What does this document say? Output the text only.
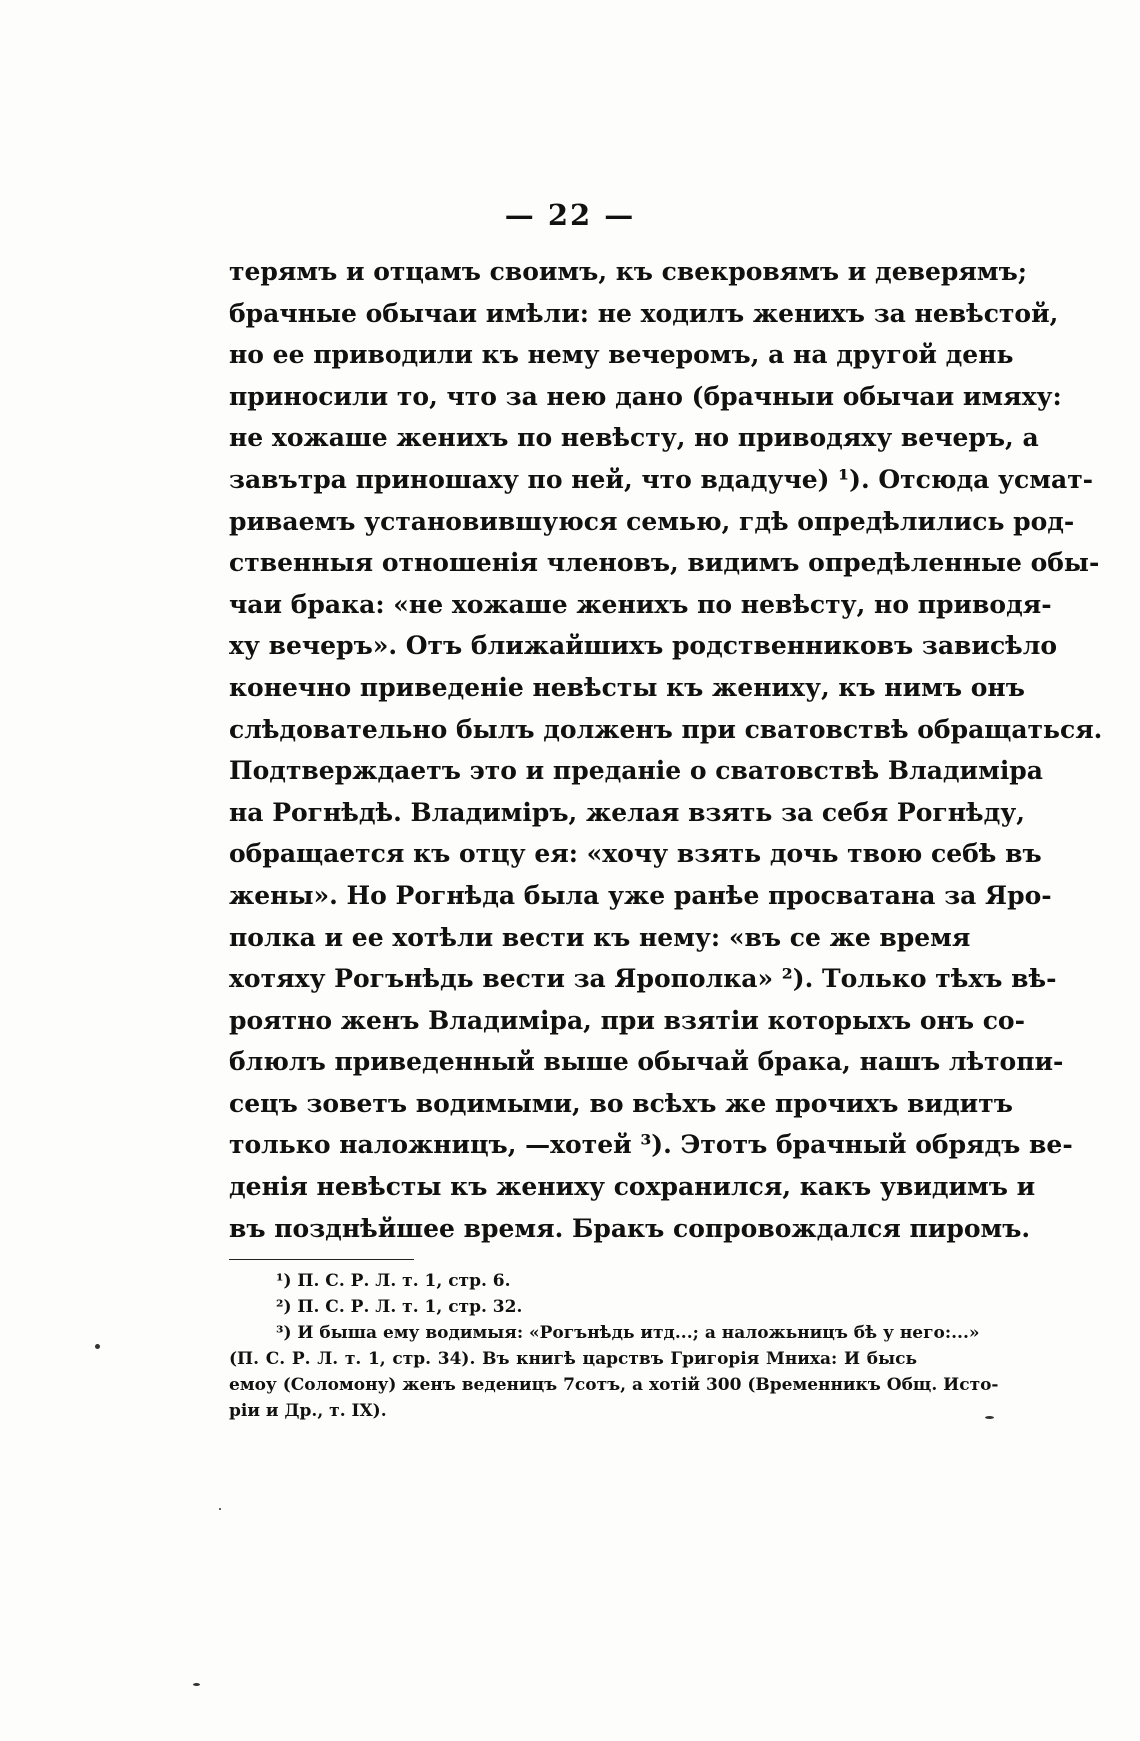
— 22 —
терямъ и отцамъ своимъ, къ свекровямъ и деверямъ;
брачные обычаи имѣли: не ходилъ женихъ за невѣстой,
но ее приводили къ нему вечеромъ, а на другой день
приносили то, что за нею дано (брачныи обычаи имяху:
не хожаше женихъ по невѣсту, но приводяху вечеръ, а
завътра приношаху по ней, что вдадуче) ¹). Отсюда усмат-
риваемъ установившуюся семью, гдѣ опредѣлились род-
ственныя отношенія членовъ, видимъ опредѣленные обы-
чаи брака: «не хожаше женихъ по невѣсту, но приводя-
ху вечеръ». Отъ ближайшихъ родственниковъ зависѣло
конечно приведеніе невѣсты къ жениху, къ нимъ онъ
слѣдовательно былъ долженъ при сватовствѣ обращаться.
Подтверждаетъ это и преданіе о сватовствѣ Владиміра
на Рогнѣдѣ. Владиміръ, желая взять за себя Рогнѣду,
обращается къ отцу ея: «хочу взять дочь твою себѣ въ
жены». Но Рогнѣда была уже ранѣе просватана за Яро-
полка и ее хотѣли вести къ нему: «въ се же время
хотяху Рогънѣдь вести за Ярополка» ²). Только тѣхъ вѣ-
роятно женъ Владиміра, при взятіи которыхъ онъ со-
блюлъ приведенный выше обычай брака, нашъ лѣтопи-
сецъ зоветъ водимыми, во всѣхъ же прочихъ видитъ
только наложницъ, —хотей ³). Этотъ брачный обрядъ ве-
денія невѣсты къ жениху сохранился, какъ увидимъ и
въ позднѣйшее время. Бракъ сопровождался пиромъ.
¹) П. С. Р. Л. т. 1, стр. 6.
²) П. С. Р. Л. т. 1, стр. 32.
³) И быша ему водимыя: «Рогънѣдь итд...; а наложьницъ бѣ у него:...»
(П. С. Р. Л. т. 1, стр. 34). Въ книгѣ царствъ Григорія Мниха: И бысь
емоу (Соломону) женъ веденицъ 7сотъ, а хотій 300 (Временникъ Общ. Исто-
ріи и Др., т. IX).
